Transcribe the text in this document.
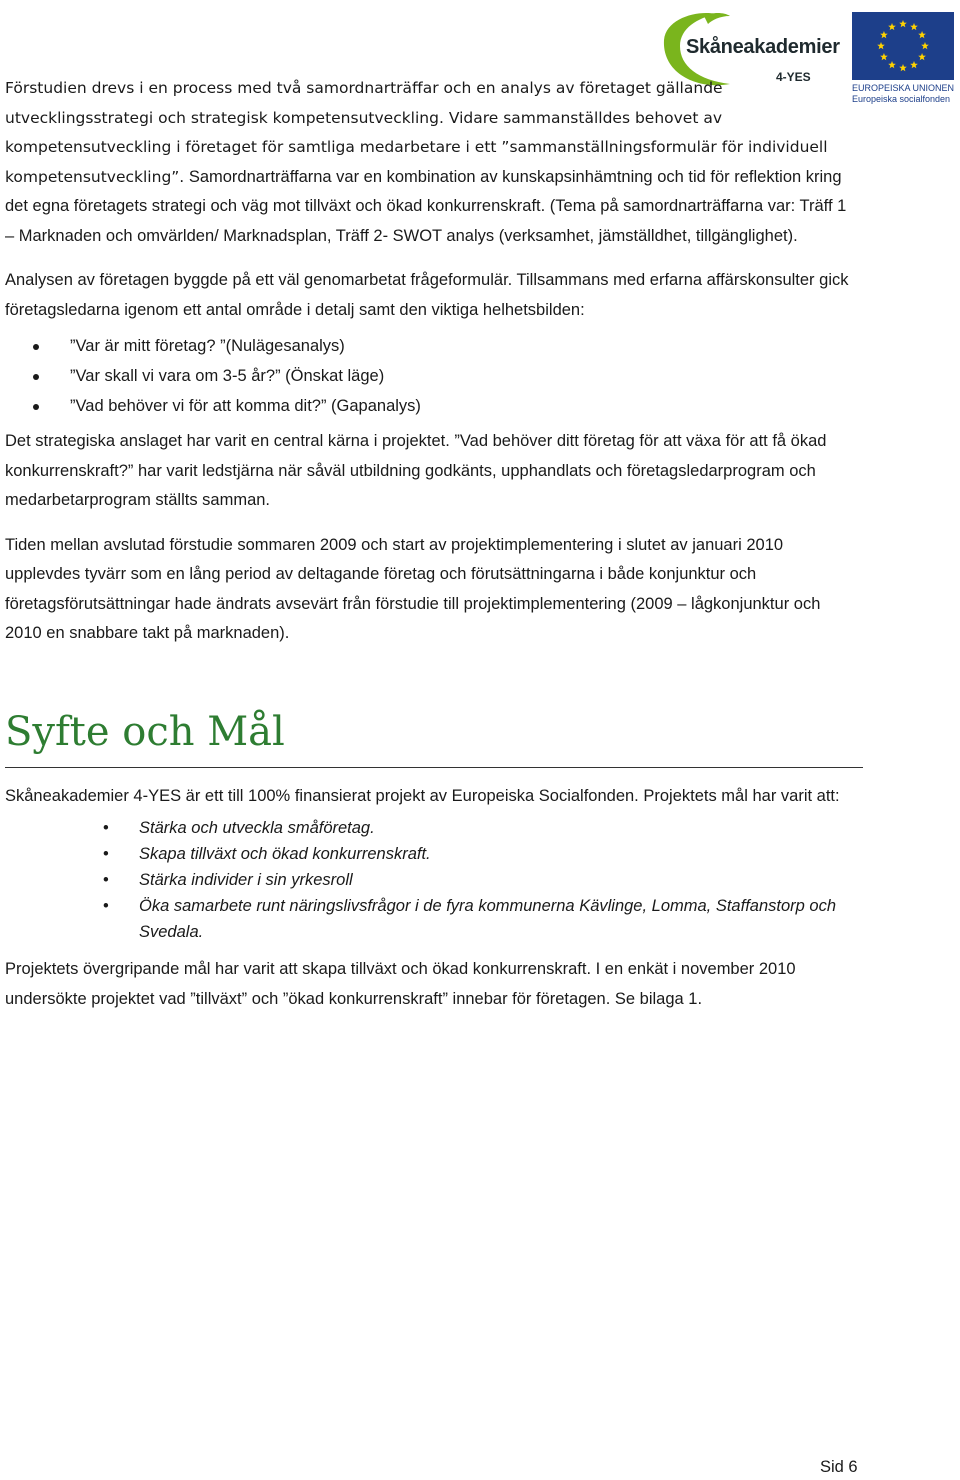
Skåneakademier
4-YES
EUROPEISKA UNIONEN
Europeiska socialfonden

Förstudien drevs i en process med två samordnarträffar och en analys av företaget gällande utvecklingsstrategi och strategisk kompetensutveckling. Vidare sammanställdes behovet av kompetensutveckling i företaget för samtliga medarbetare i ett ”sammanställningsformulär för individuell kompetensutveckling”. Samordnarträffarna var en kombination av kunskapsinhämtning och tid för reflektion kring det egna företagets strategi och väg mot tillväxt och ökad konkurrenskraft. (Tema på samordnarträffarna var: Träff 1 – Marknaden och omvärlden/ Marknadsplan, Träff 2- SWOT analys (verksamhet, jämställdhet, tillgänglighet).

Analysen av företagen byggde på ett väl genomarbetat frågeformulär. Tillsammans med erfarna affärskonsulter gick företagsledarna igenom ett antal område i detalj samt den viktiga helhetsbilden:

”Var är mitt företag? ”(Nulägesanalys)
”Var skall vi vara om 3-5 år?” (Önskat läge)
”Vad behöver vi för att komma dit?” (Gapanalys)

Det strategiska anslaget har varit en central kärna i projektet. ”Vad behöver ditt företag för att växa för att få ökad konkurrenskraft?” har varit ledstjärna när såväl utbildning godkänts, upphandlats och företagsledarprogram och medarbetarprogram ställts samman.

Tiden mellan avslutad förstudie sommaren 2009 och start av projektimplementering i slutet av januari 2010 upplevdes tyvärr som en lång period av deltagande företag och förutsättningarna i både konjunktur och företagsförutsättningar hade ändrats avsevärt från förstudie till projektimplementering (2009 – lågkonjunktur och 2010 en snabbare takt på marknaden).

Syfte och Mål

Skåneakademier 4-YES är ett till 100% finansierat projekt av Europeiska Socialfonden. Projektets mål har varit att:

• Stärka och utveckla småföretag.
• Skapa tillväxt och ökad konkurrenskraft.
• Stärka individer i sin yrkesroll
• Öka samarbete runt näringslivsfrågor i de fyra kommunerna Kävlinge, Lomma, Staffanstorp och Svedala.

Projektets övergripande mål har varit att skapa tillväxt och ökad konkurrenskraft. I en enkät i november 2010 undersökte projektet vad ”tillväxt” och ”ökad konkurrenskraft” innebar för företagen. Se bilaga 1.

Sid 6
